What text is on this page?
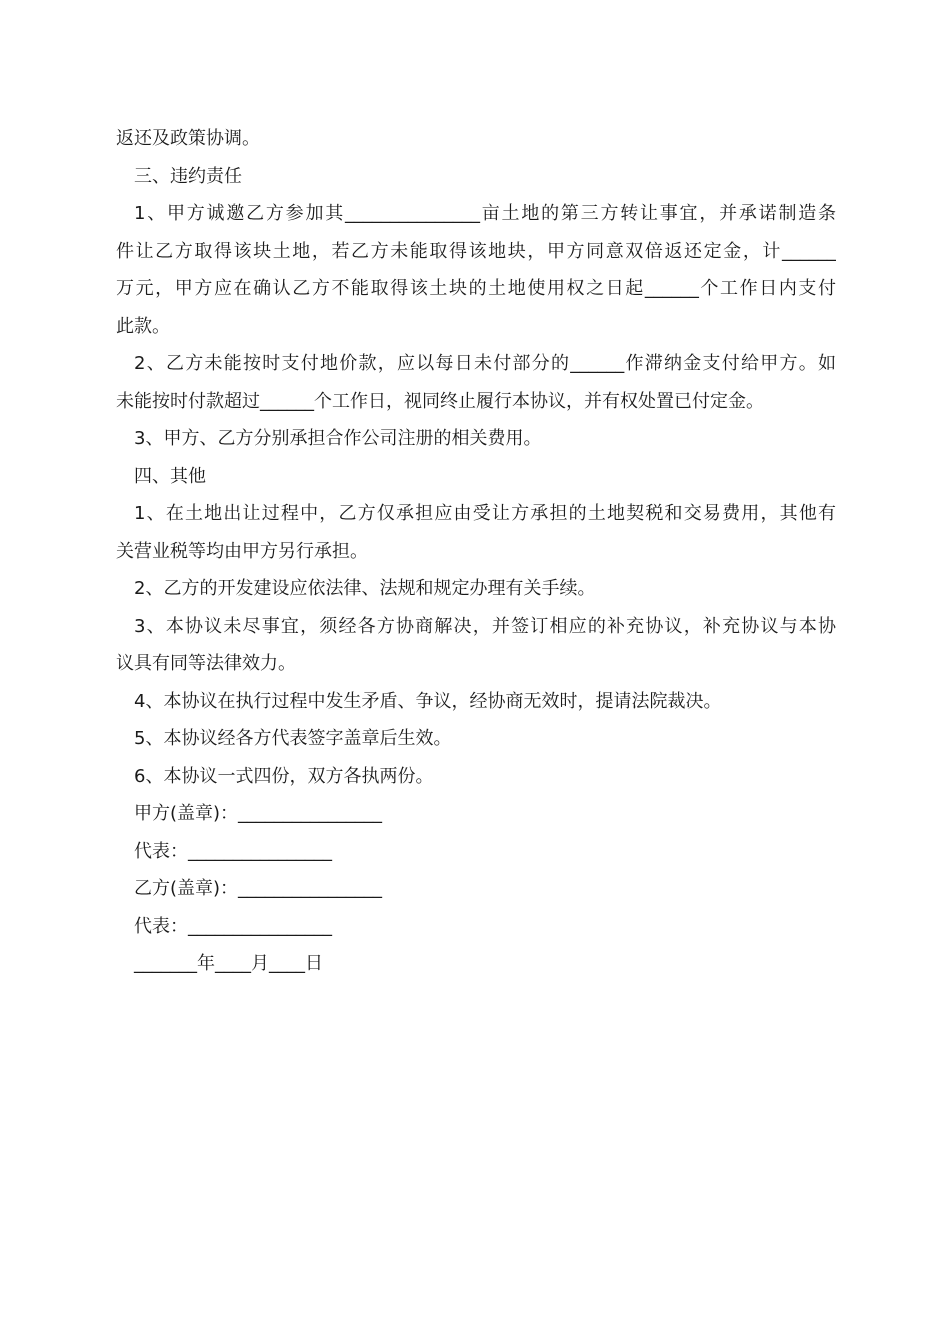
返还及政策协调。
三、违约责任
1、甲方诚邀乙方参加其_______________亩土地的第三方转让事宜，并承诺制造条
件让乙方取得该块土地，若乙方未能取得该地块，甲方同意双倍返还定金，计______
万元，甲方应在确认乙方不能取得该土块的土地使用权之日起______个工作日内支付
此款。
2、乙方未能按时支付地价款，应以每日未付部分的______作滞纳金支付给甲方。如
未能按时付款超过______个工作日，视同终止履行本协议，并有权处置已付定金。
3、甲方、乙方分别承担合作公司注册的相关费用。
四、其他
1、在土地出让过程中，乙方仅承担应由受让方承担的土地契税和交易费用，其他有
关营业税等均由甲方另行承担。
2、乙方的开发建设应依法律、法规和规定办理有关手续。
3、本协议未尽事宜，须经各方协商解决，并签订相应的补充协议，补充协议与本协
议具有同等法律效力。
4、本协议在执行过程中发生矛盾、争议，经协商无效时，提请法院裁决。
5、本协议经各方代表签字盖章后生效。
6、本协议一式四份，双方各执两份。
甲方(盖章)：________________
代表：________________
乙方(盖章)：________________
代表：________________
_______年____月____日
